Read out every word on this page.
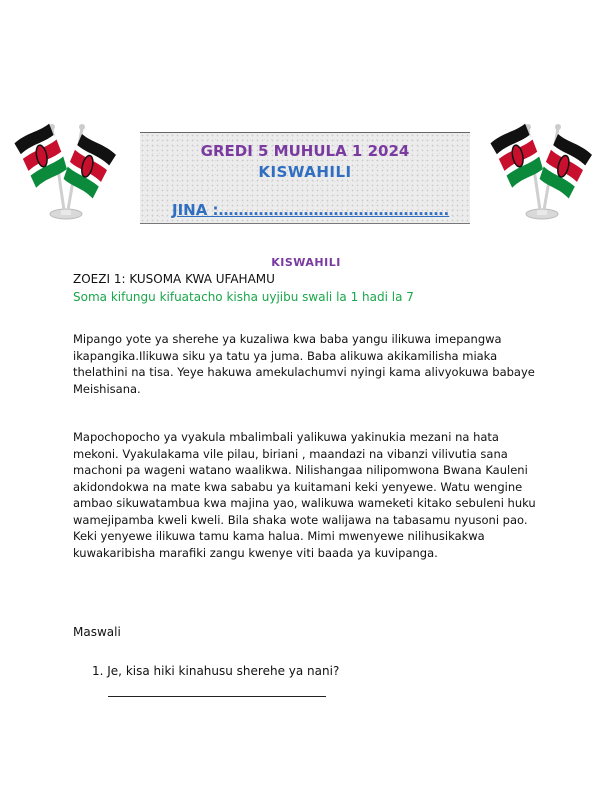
GREDI 5 MUHULA 1 2024
KISWAHILI
JINA :……………………………………….
KISWAHILI
ZOEZI 1: KUSOMA KWA UFAHAMU
Soma kifungu kifuatacho kisha uyjibu swali la 1 hadi la 7
Mipango yote ya sherehe ya kuzaliwa kwa baba yangu ilikuwa imepangwa ikapangika.Ilikuwa siku ya tatu ya juma. Baba alikuwa akikamilisha miaka thelathini na tisa. Yeye hakuwa amekulachumvi nyingi kama alivyokuwa babaye Meishisana.
Mapochopocho ya vyakula mbalimbali yalikuwa yakinukia mezani na hata mekoni. Vyakulakama vile pilau, biriani , maandazi na vibanzi vilivutia sana machoni pa wageni watano waalikwa. Nilishangaa nilipomwona Bwana Kauleni akidondokwa na mate kwa sababu ya kuitamani keki yenyewe. Watu wengine ambao sikuwatambua kwa majina yao, walikuwa wameketi kitako sebuleni huku wamejipamba kweli kweli. Bila shaka wote walijawa na tabasamu nyusoni pao. Keki yenyewe ilikuwa tamu kama halua. Mimi mwenyewe nilihusikakwa kuwakaribisha marafiki zangu kwenye viti baada ya kuvipanga.
Maswali
1. Je, kisa hiki kinahusu sherehe ya nani?
